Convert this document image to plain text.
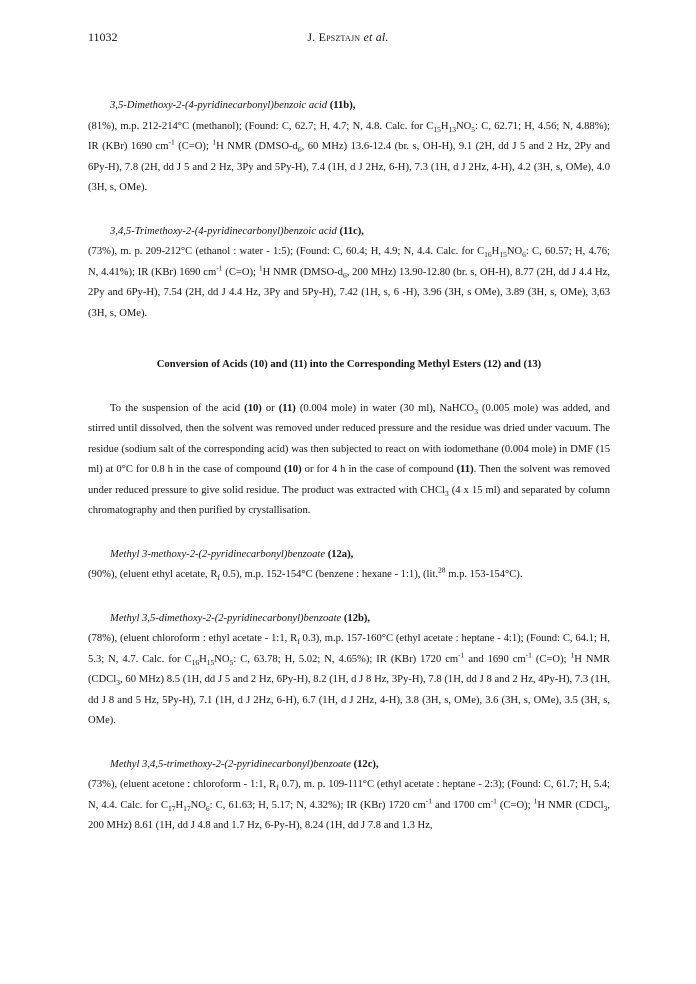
11032	J. Epsztajn et al.

3,5-Dimethoxy-2-(4-pyridinecarbonyl)benzoic acid (11b),

(81%), m.p. 212-214°C (methanol); (Found: C, 62.7; H, 4.7; N, 4.8. Calc. for $C_{15}H_{13}NO_5$: C, 62.71; H, 4.56; N, 4.88%); IR (KBr) 1690 $cm^{-1}$ (C=O); $^1$H NMR ($DMSO-d_6$, 60 MHz) 13.6-12.4 (br. s, OH-H), 9.1 (2H, dd J 5 and 2 Hz, 2Py and 6Py-H), 7.8 (2H, dd J 5 and 2 Hz, 3Py and 5Py-H), 7.4 (1H, d J 2Hz, 6-H), 7.3 (1H, d J 2Hz, 4-H), 4.2 (3H, s, OMe), 4.0 (3H, s, OMe).

3,4,5-Trimethoxy-2-(4-pyridinecarbonyl)benzoic acid (11c),

(73%), m. p. 209-212°C (ethanol : water - 1:5); (Found: C, 60.4; H, 4.9; N, 4.4. Calc. for $C_{16}H_{15}NO_6$: C, 60.57; H, 4.76; N, 4.41%); IR (KBr) 1690 $cm^{-1}$ (C=O); $^1$H NMR ($DMSO-d_6$, 200 MHz) 13.90-12.80 (br. s, OH-H), 8.77 (2H, dd J 4.4 Hz, 2Py and 6Py-H), 7.54 (2H, dd J 4.4 Hz, 3Py and 5Py-H), 7.42 (1H, s, 6 -H), 3.96 (3H, s OMe), 3.89 (3H, s, OMe), 3,63 (3H, s, OMe).

Conversion of Acids (10) and (11) into the Corresponding Methyl Esters (12) and (13)

To the suspension of the acid (10) or (11) (0.004 mole) in water (30 ml), NaHCO$_3$ (0.005 mole) was added, and stirred until dissolved, then the solvent was removed under reduced pressure and the residue was dried under vacuum. The residue (sodium salt of the corresponding acid) was then subjected to react on with iodomethane (0.004 mole) in DMF (15 ml) at 0°C for 0.8 h in the case of compound (10) or for 4 h in the case of compound (11). Then the solvent was removed under reduced pressure to give solid residue. The product was extracted with CHCl$_3$ (4 x 15 ml) and separated by column chromatography and then purified by crystallisation.

Methyl 3-methoxy-2-(2-pyridinecarbonyl)benzoate (12a),

(90%), (eluent ethyl acetate, $R_f$ 0.5), m.p. 152-154°C (benzene : hexane - 1:1), (lit.$^{28}$ m.p. 153-154°C).

Methyl 3,5-dimethoxy-2-(2-pyridinecarbonyl)benzoate (12b),

(78%), (eluent chloroform : ethyl acetate - 1:1, $R_f$ 0.3), m.p. 157-160°C (ethyl acetate : heptane - 4:1); (Found: C, 64.1; H, 5.3; N, 4.7. Calc. for $C_{16}H_{15}NO_5$: C, 63.78; H, 5.02; N, 4.65%); IR (KBr) 1720 $cm^{-1}$ and 1690 $cm^{-1}$ (C=O); $^1$H NMR (CDCl$_3$, 60 MHz) 8.5 (1H, dd J 5 and 2 Hz, 6Py-H), 8.2 (1H, d J 8 Hz, 3Py-H), 7.8 (1H, dd J 8 and 2 Hz, 4Py-H), 7.3 (1H, dd J 8 and 5 Hz, 5Py-H), 7.1 (1H, d J 2Hz, 6-H), 6.7 (1H, d J 2Hz, 4-H), 3.8 (3H, s, OMe), 3.6 (3H, s, OMe), 3.5 (3H, s, OMe).

Methyl 3,4,5-trimethoxy-2-(2-pyridinecarbonyl)benzoate (12c),

(73%), (eluent acetone : chloroform - 1:1, $R_f$ 0.7), m. p. 109-111°C (ethyl acetate : heptane - 2:3); (Found: C, 61.7; H, 5.4; N, 4.4. Calc. for $C_{17}H_{17}NO_6$: C, 61.63; H, 5.17; N, 4.32%); IR (KBr) 1720 $cm^{-1}$ and 1700 $cm^{-1}$ (C=O); $^1$H NMR (CDCl$_3$, 200 MHz) 8.61 (1H, dd J 4.8 and 1.7 Hz, 6-Py-H), 8.24 (1H, dd J 7.8 and 1.3 Hz,
